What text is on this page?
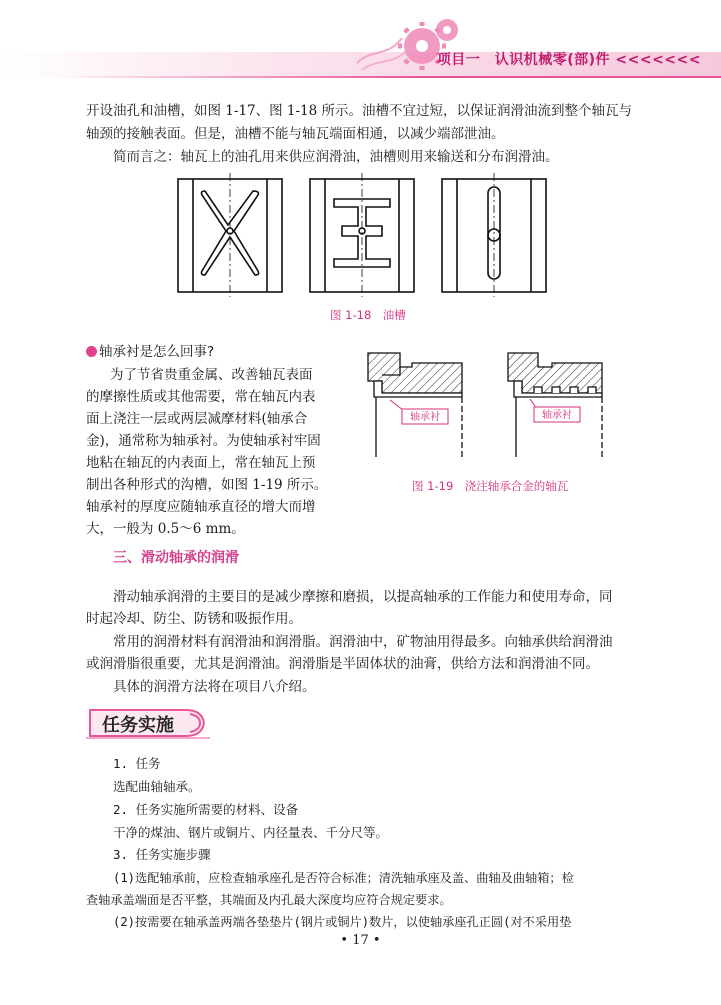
项目一　认识机械零(部)件 <<<<<<<

开设油孔和油槽，如图 1-17、图 1-18 所示。油槽不宜过短，以保证润滑油流到整个轴瓦与

轴颈的接触表面。但是，油槽不能与轴瓦端面相通，以减少端部泄油。

简而言之：轴瓦上的油孔用来供应润滑油，油槽则用来输送和分布润滑油。

图 1-18　油槽
轴承衬是怎么回事?

为了节省贵重金属、改善轴瓦表面

的摩擦性质或其他需要，常在轴瓦内表

面上浇注一层或两层减摩材料(轴承合

金)，通常称为轴承衬。为使轴承衬牢固

地粘在轴瓦的内表面上，常在轴瓦上预

制出各种形式的沟槽，如图 1-19 所示。

轴承衬的厚度应随轴承直径的增大而增

大，一般为 0.5～6 mm。

轴承衬	轴承衬
图 1-19　浇注轴承合金的轴瓦
三、滑动轴承的润滑

滑动轴承润滑的主要目的是减少摩擦和磨损，以提高轴承的工作能力和使用寿命，同

时起冷却、防尘、防锈和吸振作用。

常用的润滑材料有润滑油和润滑脂。润滑油中，矿物油用得最多。向轴承供给润滑油

或润滑脂很重要，尤其是润滑油。润滑脂是半固体状的油膏，供给方法和润滑油不同。

具体的润滑方法将在项目八介绍。

任务实施

1. 任务

选配曲轴轴承。

2. 任务实施所需要的材料、设备

干净的煤油、钢片或铜片、内径量表、千分尺等。

3. 任务实施步骤

(1)选配轴承前，应检查轴承座孔是否符合标准；清洗轴承座及盖、曲轴及曲轴箱；检

查轴承盖端面是否平整，其端面及内孔最大深度均应符合规定要求。

(2)按需要在轴承盖两端各垫垫片(钢片或铜片)数片，以使轴承座孔正圆(对不采用垫

• 17 •
